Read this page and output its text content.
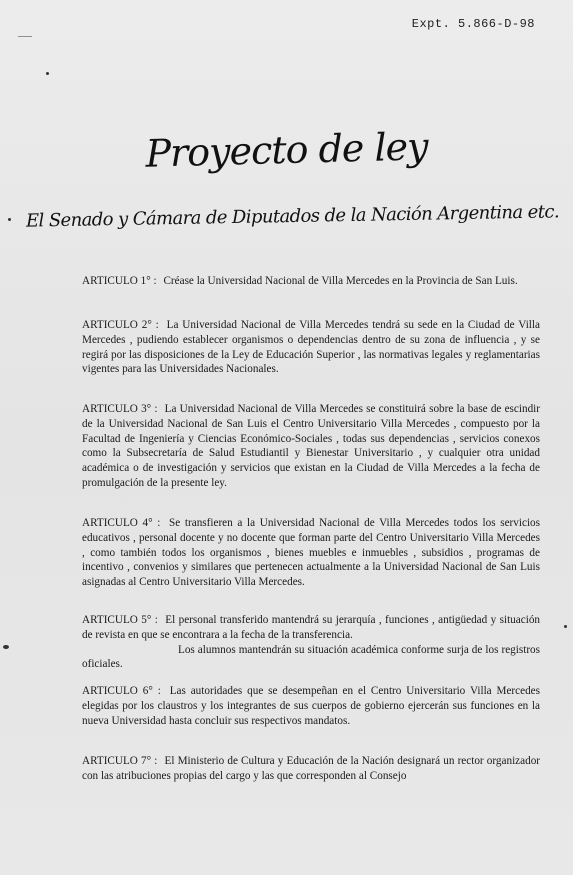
Expt. 5.866-D-98
Proyecto de ley
El Senado y Cámara de Diputados de la Nación Argentina etc.
ARTICULO 1° : Créase la Universidad Nacional de Villa Mercedes en la Provincia de San Luis.
ARTICULO 2° : La Universidad Nacional de Villa Mercedes tendrá su sede en la Ciudad de Villa Mercedes , pudiendo establecer organismos o dependencias dentro de su zona de influencia , y se regirá por las disposiciones de la Ley de Educación Superior , las normativas legales y reglamentarias vigentes para las Universidades Nacionales.
ARTICULO 3° : La Universidad Nacional de Villa Mercedes se constituirá sobre la base de escindir de la Universidad Nacional de San Luis el Centro Universitario Villa Mercedes , compuesto por la Facultad de Ingeniería y Ciencias Económico-Sociales , todas sus dependencias , servicios conexos como la Subsecretaría de Salud Estudiantil y Bienestar Universitario , y cualquier otra unidad académica o de investigación y servicios que existan en la Ciudad de Villa Mercedes a la fecha de promulgación de la presente ley.
ARTICULO 4° : Se transfieren a la Universidad Nacional de Villa Mercedes todos los servicios educativos , personal docente y no docente que forman parte del Centro Universitario Villa Mercedes , como también todos los organismos , bienes muebles e inmuebles , subsidios , programas de incentivo , convenios y similares que pertenecen actualmente a la Universidad Nacional de San Luis asignadas al Centro Universitario Villa Mercedes.
ARTICULO 5° : El personal transferido mantendrá su jerarquía , funciones , antigüedad y situación de revista en que se encontrara a la fecha de la transferencia.
Los alumnos mantendrán su situación académica conforme surja de los registros oficiales.
ARTICULO 6° : Las autoridades que se desempeñan en el Centro Universitario Villa Mercedes elegidas por los claustros y los integrantes de sus cuerpos de gobierno ejercerán sus funciones en la nueva Universidad hasta concluir sus respectivos mandatos.
ARTICULO 7° : El Ministerio de Cultura y Educación de la Nación designará un rector organizador con las atribuciones propias del cargo y las que corresponden al Consejo
